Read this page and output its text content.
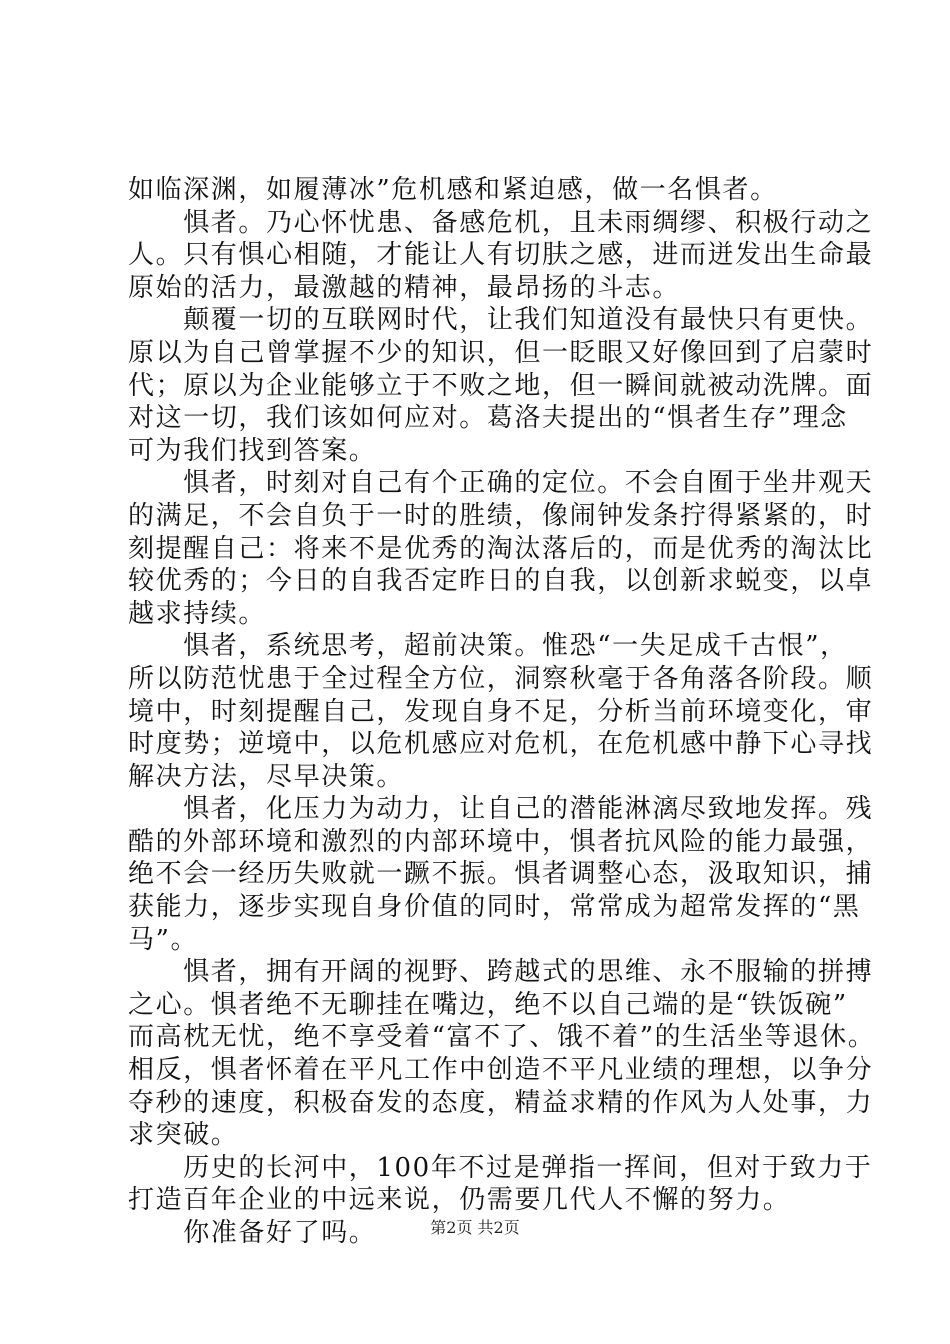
如临深渊，如履薄冰”危机感和紧迫感，做一名惧者。
　　惧者。乃心怀忧患、备感危机，且未雨绸缪、积极行动之
人。只有惧心相随，才能让人有切肤之感，进而迸发出生命最
原始的活力，最激越的精神，最昂扬的斗志。
　　颠覆一切的互联网时代，让我们知道没有最快只有更快。
原以为自己曾掌握不少的知识，但一眨眼又好像回到了启蒙时
代；原以为企业能够立于不败之地，但一瞬间就被动洗牌。面
对这一切，我们该如何应对。葛洛夫提出的“惧者生存”理念
可为我们找到答案。
　　惧者，时刻对自己有个正确的定位。不会自囿于坐井观天
的满足，不会自负于一时的胜绩，像闹钟发条拧得紧紧的，时
刻提醒自己：将来不是优秀的淘汰落后的，而是优秀的淘汰比
较优秀的；今日的自我否定昨日的自我，以创新求蜕变，以卓
越求持续。
　　惧者，系统思考，超前决策。惟恐“一失足成千古恨”，
所以防范忧患于全过程全方位，洞察秋毫于各角落各阶段。顺
境中，时刻提醒自己，发现自身不足，分析当前环境变化，审
时度势；逆境中，以危机感应对危机，在危机感中静下心寻找
解决方法，尽早决策。
　　惧者，化压力为动力，让自己的潜能淋漓尽致地发挥。残
酷的外部环境和激烈的内部环境中，惧者抗风险的能力最强，
绝不会一经历失败就一蹶不振。惧者调整心态，汲取知识，捕
获能力，逐步实现自身价值的同时，常常成为超常发挥的“黑
马”。
　　惧者，拥有开阔的视野、跨越式的思维、永不服输的拼搏
之心。惧者绝不无聊挂在嘴边，绝不以自己端的是“铁饭碗”
而高枕无忧，绝不享受着“富不了、饿不着”的生活坐等退休。
相反，惧者怀着在平凡工作中创造不平凡业绩的理想，以争分
夺秒的速度，积极奋发的态度，精益求精的作风为人处事，力
求突破。
　　历史的长河中，100年不过是弹指一挥间，但对于致力于
打造百年企业的中远来说，仍需要几代人不懈的努力。
　　你准备好了吗。	第2页 共2页
